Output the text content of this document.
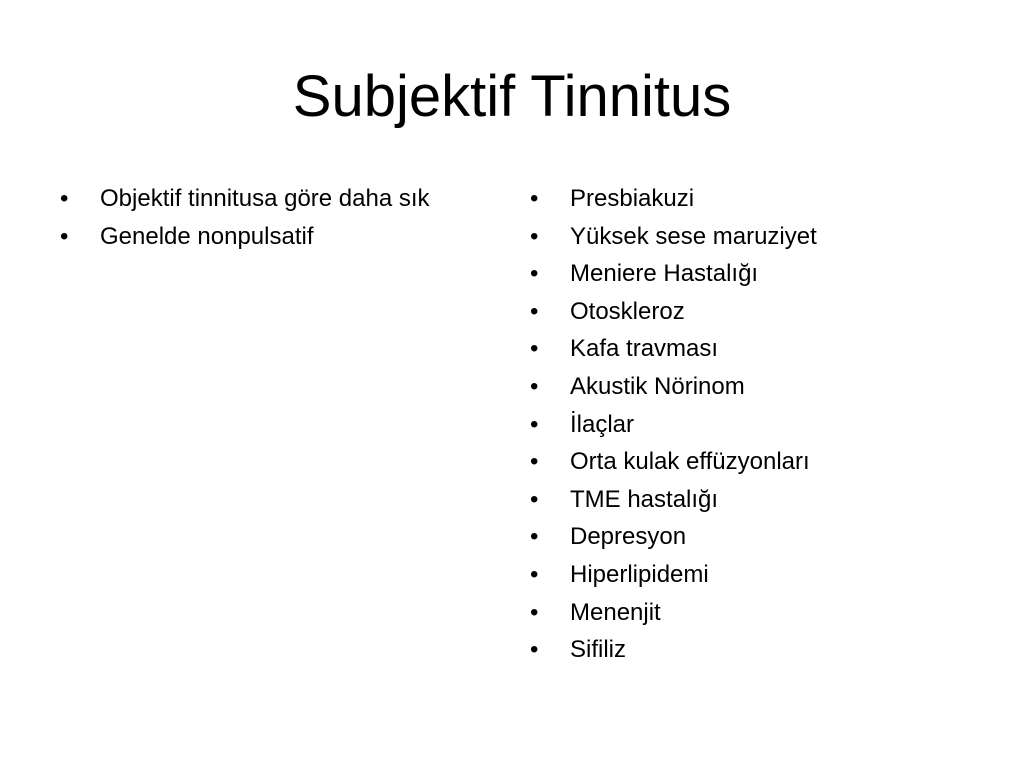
Subjektif Tinnitus
•	Objektif tinnitusa göre daha sık
•	Genelde nonpulsatif
•	Presbiakuzi
•	Yüksek sese maruziyet
•	Meniere Hastalığı
•	Otoskleroz
•	Kafa travması
•	Akustik Nörinom
•	İlaçlar
•	Orta kulak effüzyonları
•	TME hastalığı
•	Depresyon
•	Hiperlipidemi
•	Menenjit
•	Sifiliz
